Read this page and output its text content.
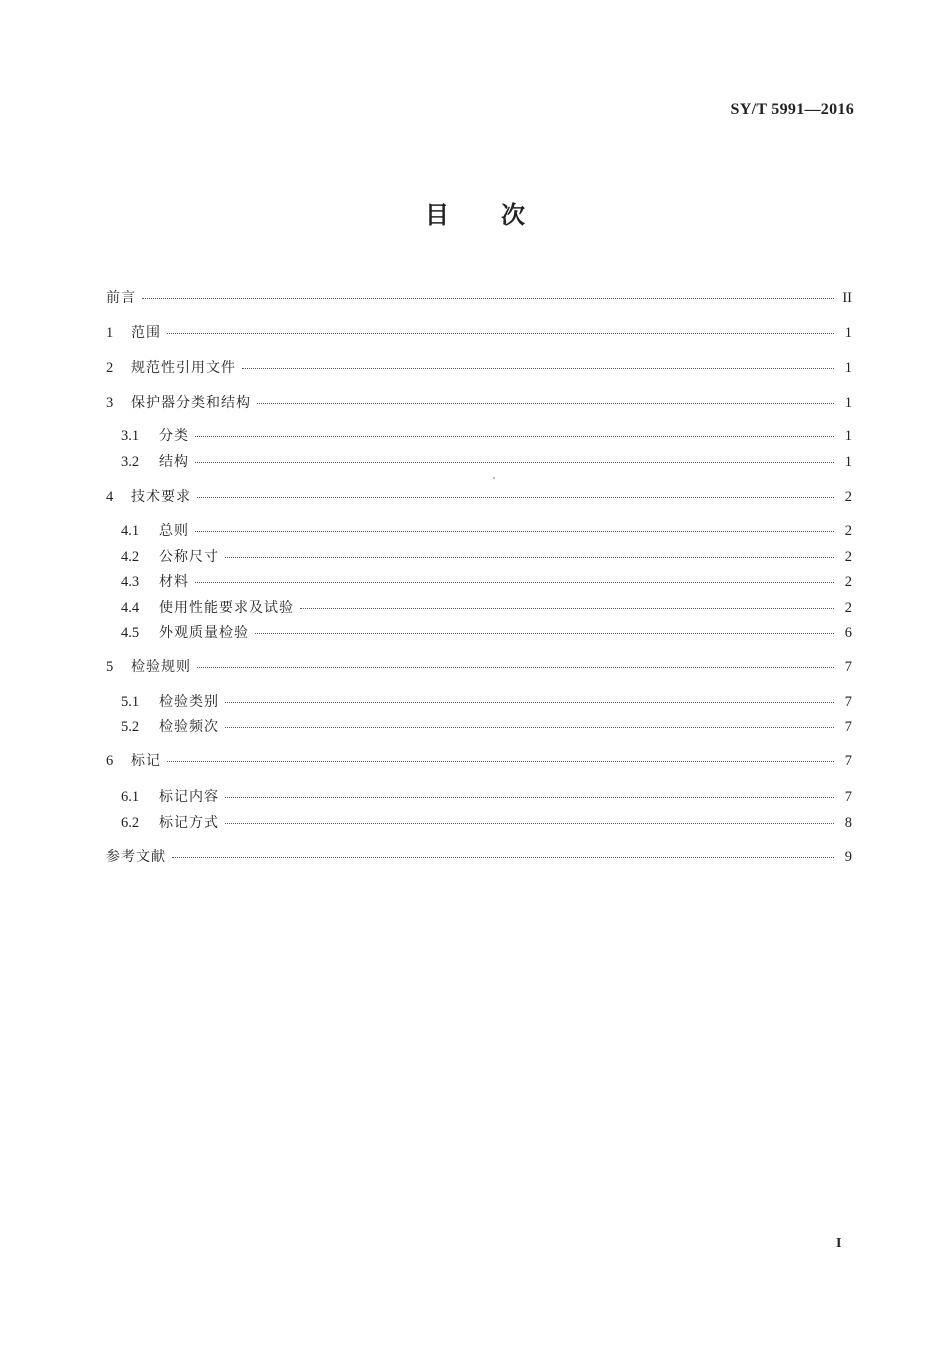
SY/T 5991—2016
目次
前言	II
1	范围	1
2	规范性引用文件	1
3	保护器分类和结构	1
3.1	分类	1
3.2	结构	1
4	技术要求	2
4.1	总则	2
4.2	公称尺寸	2
4.3	材料	2
4.4	使用性能要求及试验	2
4.5	外观质量检验	6
5	检验规则	7
5.1	检验类别	7
5.2	检验频次	7
6	标记	7
6.1	标记内容	7
6.2	标记方式	8
参考文献	9
I
